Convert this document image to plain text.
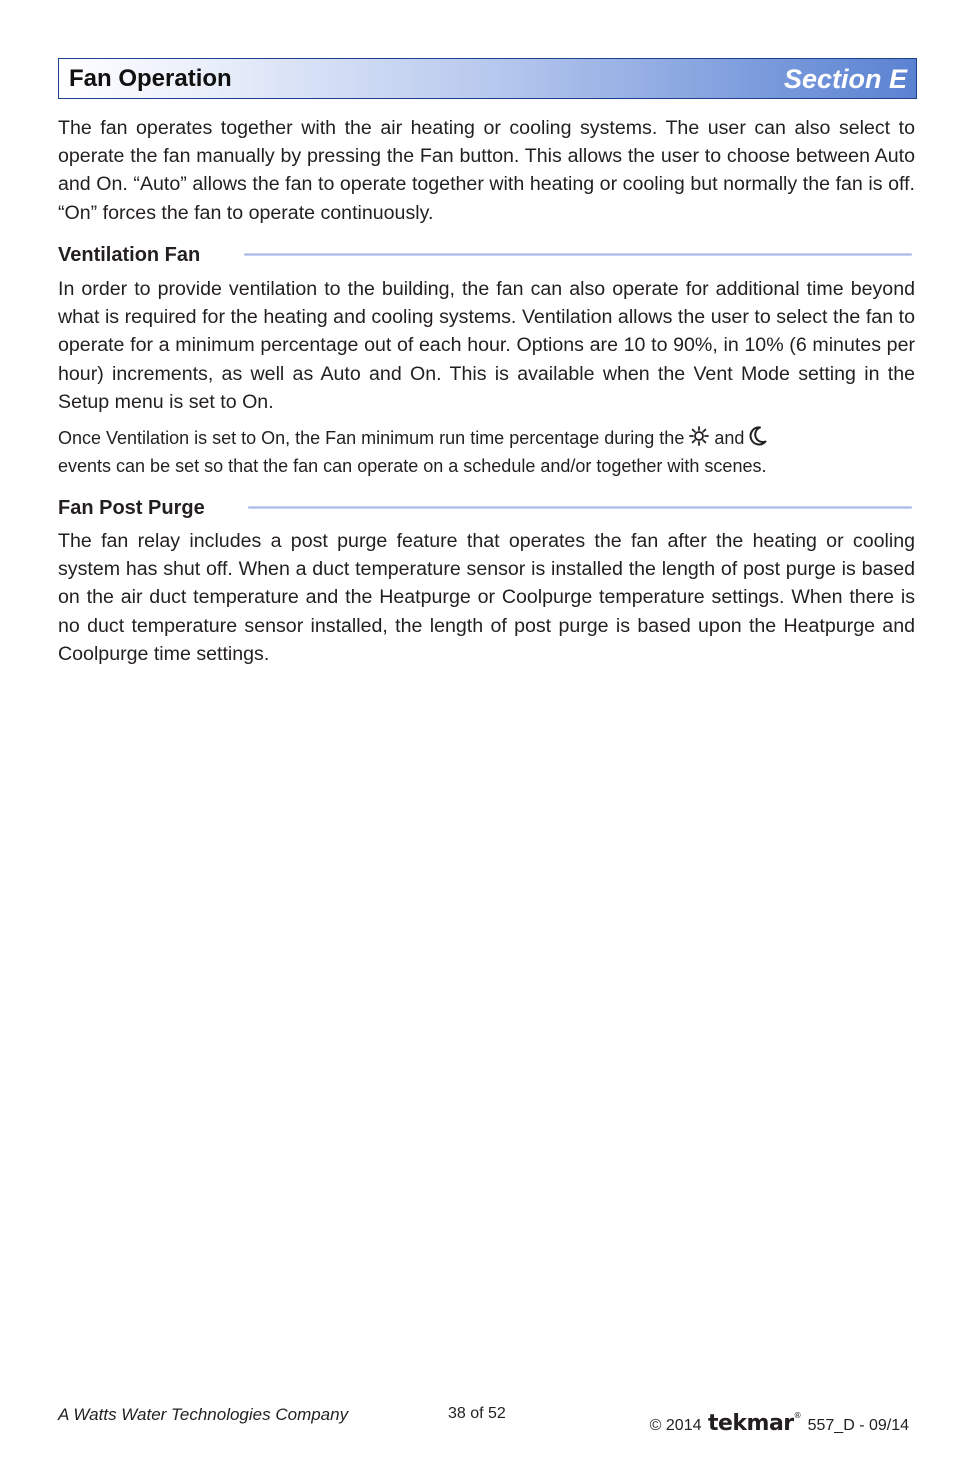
Fan Operation	Section E

The fan operates together with the air heating or cooling systems. The user can also select to operate the fan manually by pressing the Fan button. This allows the user to choose between Auto and On. “Auto” allows the fan to operate together with heating or cooling but normally the fan is off. “On” forces the fan to operate continuously.

Ventilation Fan

In order to provide ventilation to the building, the fan can also operate for additional time beyond what is required for the heating and cooling systems. Ventilation allows the user to select the fan to operate for a minimum percentage out of each hour. Options are 10 to 90%, in 10% (6 minutes per hour) increments, as well as Auto and On. This is available when the Vent Mode setting in the Setup menu is set to On.

Once Ventilation is set to On, the Fan minimum run time percentage during the  and
events can be set so that the fan can operate on a schedule and/or together with scenes.

Fan Post Purge

The fan relay includes a post purge feature that operates the fan after the heating or cooling system has shut off. When a duct temperature sensor is installed the length of post purge is based on the air duct temperature and the Heatpurge or Coolpurge temperature settings. When there is no duct temperature sensor installed, the length of post purge is based upon the Heatpurge and Coolpurge time settings.

A Watts Water Technologies Company	38 of 52
© 2014 tekmar® 557_D - 09/14
